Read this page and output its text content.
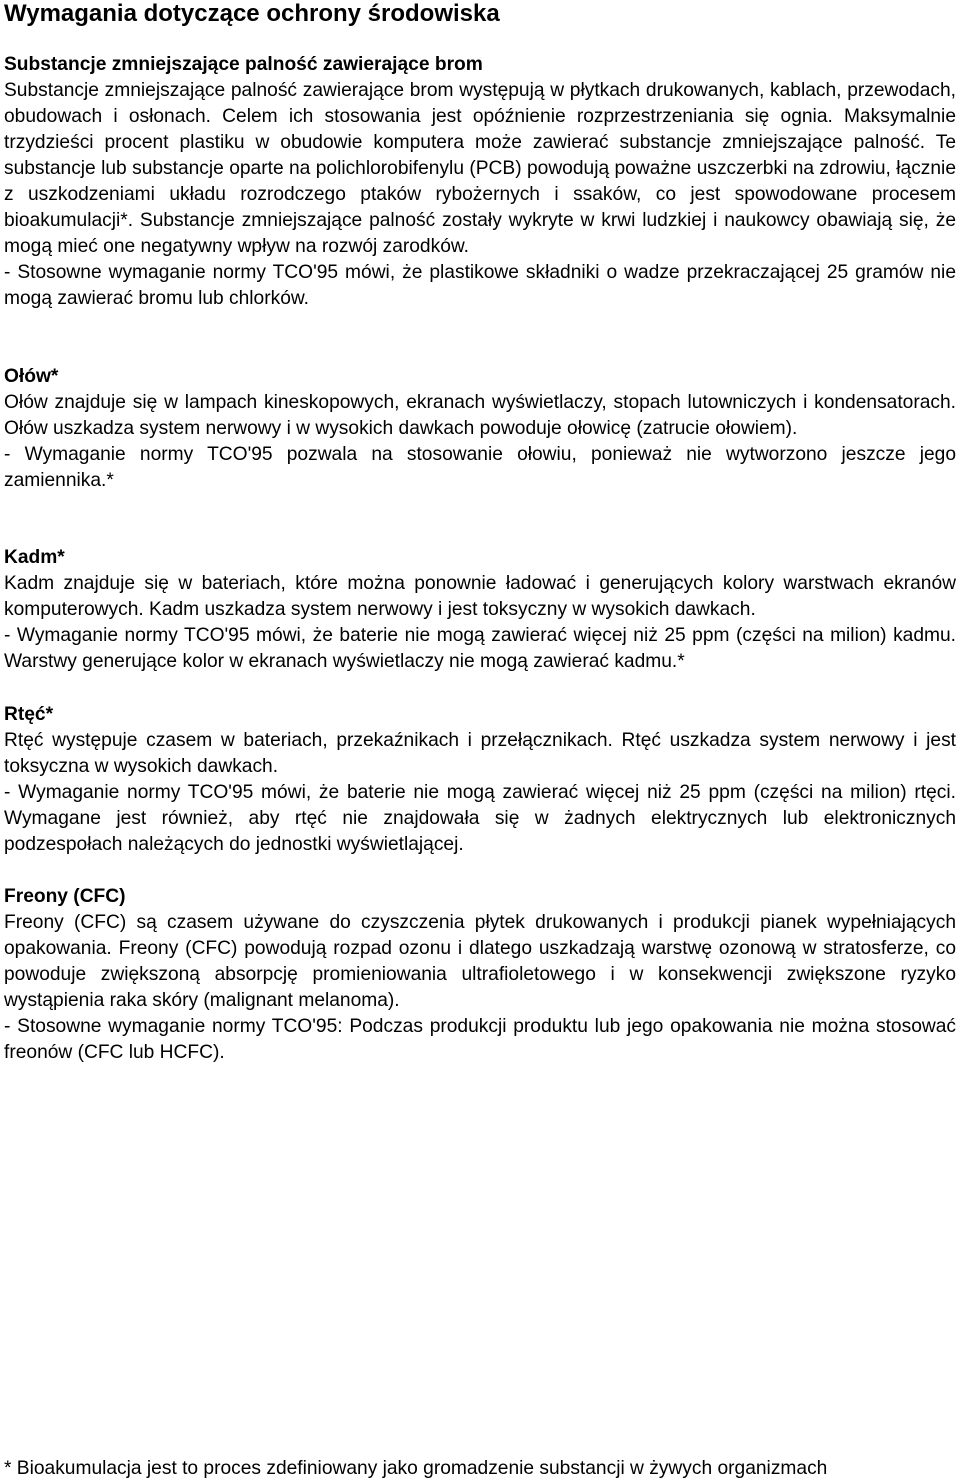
Wymagania dotyczące ochrony środowiska

Substancje zmniejszające palność zawierające brom

Substancje zmniejszające palność zawierające brom występują w płytkach drukowanych, kablach, przewodach, obudowach i osłonach. Celem ich stosowania jest opóźnienie rozprzestrzeniania się ognia. Maksymalnie trzydzieści procent plastiku w obudowie komputera może zawierać substancje zmniejszające palność. Te substancje lub substancje oparte na polichlorobifenylu (PCB) powodują poważne uszczerbki na zdrowiu, łącznie z uszkodzeniami układu rozrodczego ptaków rybożernych i ssaków, co jest spowodowane procesem bioakumulacji*. Substancje zmniejszające palność zostały wykryte w krwi ludzkiej i naukowcy obawiają się, że mogą mieć one negatywny wpływ na rozwój zarodków.

- Stosowne wymaganie normy TCO'95 mówi, że plastikowe składniki o wadze przekraczającej 25 gramów nie mogą zawierać bromu lub chlorków.

Ołów*

Ołów znajduje się w lampach kineskopowych, ekranach wyświetlaczy, stopach lutowniczych i kondensatorach. Ołów uszkadza system nerwowy i w wysokich dawkach powoduje ołowicę (zatrucie ołowiem).

- Wymaganie normy TCO'95 pozwala na stosowanie ołowiu, ponieważ nie wytworzono jeszcze jego zamiennika.*

Kadm*

Kadm znajduje się w bateriach, które można ponownie ładować i generujących kolory warstwach ekranów komputerowych. Kadm uszkadza system nerwowy i jest toksyczny w wysokich dawkach.

- Wymaganie normy TCO'95 mówi, że baterie nie mogą zawierać więcej niż 25 ppm (części na milion) kadmu. Warstwy generujące kolor w ekranach wyświetlaczy nie mogą zawierać kadmu.*

Rtęć*

Rtęć występuje czasem w bateriach, przekaźnikach i przełącznikach. Rtęć uszkadza system nerwowy i jest toksyczna w wysokich dawkach.

- Wymaganie normy TCO'95 mówi, że baterie nie mogą zawierać więcej niż 25 ppm (części na milion) rtęci. Wymagane jest również, aby rtęć nie znajdowała się w żadnych elektrycznych lub elektronicznych podzespołach należących do jednostki wyświetlającej.

Freony (CFC)

Freony (CFC) są czasem używane do czyszczenia płytek drukowanych i produkcji pianek wypełniających opakowania. Freony (CFC) powodują rozpad ozonu i dlatego uszkadzają warstwę ozonową w stratosferze, co powoduje zwiększoną absorpcję promieniowania ultrafioletowego i w konsekwencji zwiększone ryzyko wystąpienia raka skóry (malignant melanoma).

- Stosowne wymaganie normy TCO'95: Podczas produkcji produktu lub jego opakowania nie można stosować freonów (CFC lub HCFC).

* Bioakumulacja jest to proces zdefiniowany jako gromadzenie substancji w żywych organizmach
